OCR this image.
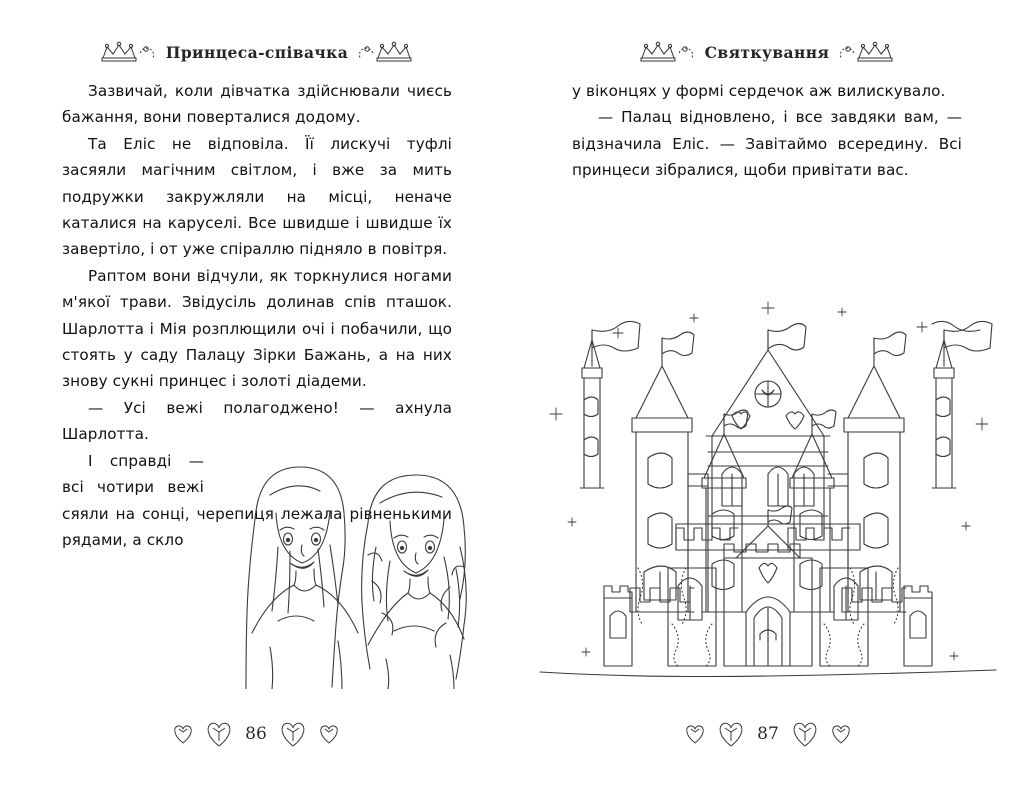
Принцеса-співачка

Зазвичай, коли дівчатка здійснювали чиєсь бажання, вони поверталися додому.

Та Еліс не відповіла. Її лискучі туфлі засяяли магічним світлом, і вже за мить подружки закружляли на місці, неначе каталися на каруселі. Все швидше і швидше їх завертіло, і от уже спіраллю підняло в повітря.

Раптом вони відчули, як торкнулися ногами м'якої трави. Звідусіль долинав спів пташок. Шарлотта і Мія розплющили очі і побачили, що стоять у саду Палацу Зірки Бажань, а на них знову сукні принцес і золоті діадеми.

— Усі вежі полагоджено! — ахнула Шарлотта.

І справді — всі чотири вежі сяяли на сонці, черепиця лежала рівненькими рядами, а скло

86
Святкування

у віконцях у формі сердечок аж вилискувало.

— Палац відновлено, і все завдяки вам, — відзначила Еліс. — Завітаймо всередину. Всі принцеси зібралися, щоби привітати вас.

87
